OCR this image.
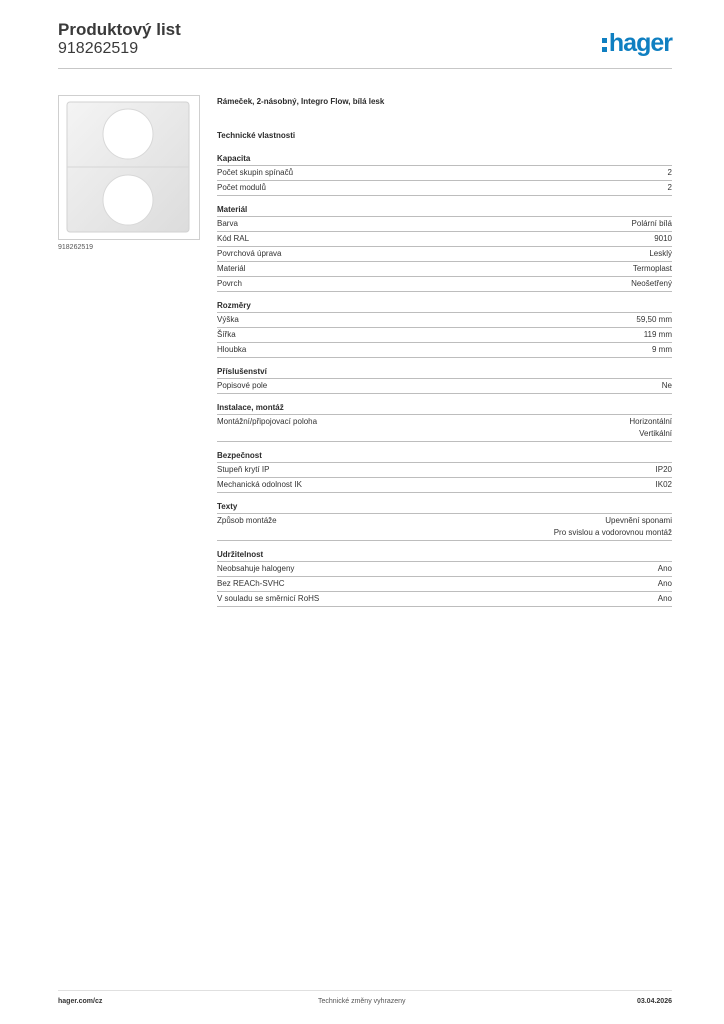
Produktový list
918262519	hager
918262519
Rámeček, 2-násobný, Integro Flow, bílá lesk
Technické vlastnosti
Kapacita
Počet skupin spínačů	2
Počet modulů	2
Materiál
Barva	Polární bílá
Kód RAL	9010
Povrchová úprava	Lesklý
Materiál	Termoplast
Povrch	Neošetřený
Rozměry
Výška	59,50 mm
Šířka	119 mm
Hloubka	9 mm
Příslušenství
Popisové pole	Ne
Instalace, montáž
Montážní/připojovací poloha	Horizontální
Vertikální
Bezpečnost
Stupeň krytí IP	IP20
Mechanická odolnost IK	IK02
Texty
Způsob montáže	Upevnění sponami
Pro svislou a vodorovnou montáž
Udržitelnost
Neobsahuje halogeny	Ano
Bez REACh-SVHC	Ano
V souladu se směrnicí RoHS	Ano
hager.com/cz	Technické změny vyhrazeny	03.04.2026
